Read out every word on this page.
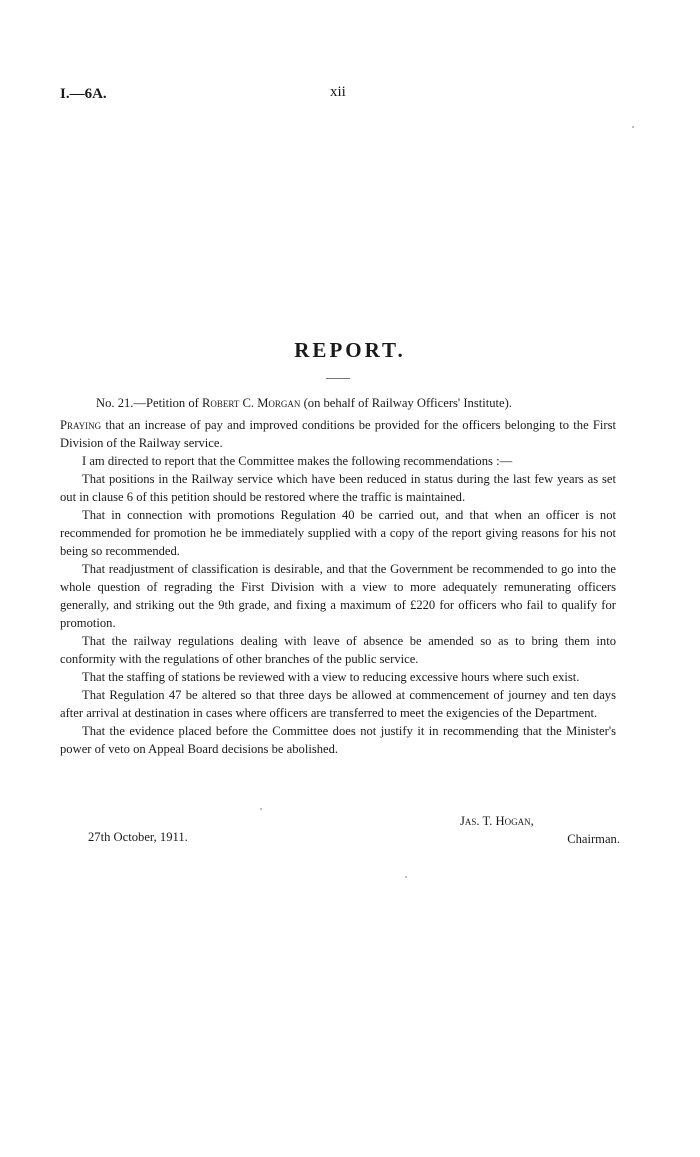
I.—6A.	xii
REPORT.

No. 21.—Petition of Robert C. Morgan (on behalf of Railway Officers' Institute).

Praying that an increase of pay and improved conditions be provided for the officers belonging to the First Division of the Railway service.

I am directed to report that the Committee makes the following recommendations :—

That positions in the Railway service which have been reduced in status during the last few years as set out in clause 6 of this petition should be restored where the traffic is maintained.

That in connection with promotions Regulation 40 be carried out, and that when an officer is not recommended for promotion he be immediately supplied with a copy of the report giving reasons for his not being so recommended.

That readjustment of classification is desirable, and that the Government be recommended to go into the whole question of regrading the First Division with a view to more adequately remunerating officers generally, and striking out the 9th grade, and fixing a maximum of £220 for officers who fail to qualify for promotion.

That the railway regulations dealing with leave of absence be amended so as to bring them into conformity with the regulations of other branches of the public service.

That the staffing of stations be reviewed with a view to reducing excessive hours where such exist.

That Regulation 47 be altered so that three days be allowed at commencement of journey and ten days after arrival at destination in cases where officers are transferred to meet the exigencies of the Department.

That the evidence placed before the Committee does not justify it in recommending that the Minister's power of veto on Appeal Board decisions be abolished.

Jas. T. Hogan,
Chairman.
27th October, 1911.
